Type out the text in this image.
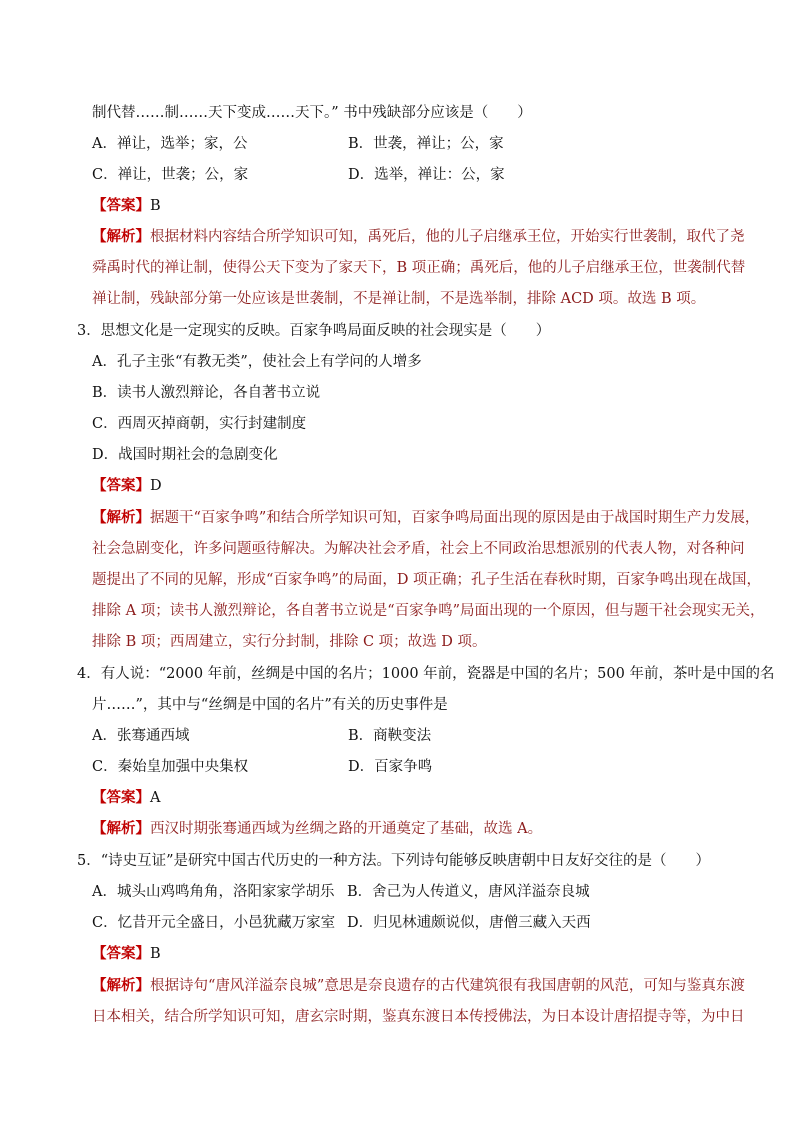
制代替……制……天下变成……天下。” 书中残缺部分应该是（　　）
A．禅让，选举；家，公	B．世袭，禅让；公，家
C．禅让，世袭；公，家	D．选举，禅让：公，家
【答案】B
【解析】根据材料内容结合所学知识可知，禹死后，他的儿子启继承王位，开始实行世袭制，取代了尧
舜禹时代的禅让制，使得公天下变为了家天下，B 项正确；禹死后，他的儿子启继承王位，世袭制代替
禅让制，残缺部分第一处应该是世袭制，不是禅让制，不是选举制，排除 ACD 项。故选 B 项。
3．思想文化是一定现实的反映。百家争鸣局面反映的社会现实是（　　）
A．孔子主张“有教无类”，使社会上有学问的人增多
B．读书人激烈辩论，各自著书立说
C．西周灭掉商朝，实行封建制度
D．战国时期社会的急剧变化
【答案】D
【解析】据题干“百家争鸣”和结合所学知识可知，百家争鸣局面出现的原因是由于战国时期生产力发展，
社会急剧变化，许多问题亟待解决。为解决社会矛盾，社会上不同政治思想派别的代表人物，对各种问
题提出了不同的见解，形成“百家争鸣”的局面，D 项正确；孔子生活在春秋时期，百家争鸣出现在战国，
排除 A 项；读书人激烈辩论，各自著书立说是“百家争鸣”局面出现的一个原因，但与题干社会现实无关，
排除 B 项；西周建立，实行分封制，排除 C 项；故选 D 项。
4．有人说：“2000 年前，丝绸是中国的名片；1000 年前，瓷器是中国的名片；500 年前，茶叶是中国的名
片……”，其中与“丝绸是中国的名片”有关的历史事件是
A．张骞通西域	B．商鞅变法
C．秦始皇加强中央集权	D．百家争鸣
【答案】A
【解析】西汉时期张骞通西域为丝绸之路的开通奠定了基础，故选 A。
5．“诗史互证”是研究中国古代历史的一种方法。下列诗句能够反映唐朝中日友好交往的是（　　）
A．城头山鸡鸣角角，洛阳家家学胡乐 B．舍己为人传道义，唐风洋溢奈良城
C．忆昔开元全盛日，小邑犹藏万家室 D．归见林逋颇说似，唐僧三藏入天西
【答案】B
【解析】根据诗句“唐风洋溢奈良城”意思是奈良遗存的古代建筑很有我国唐朝的风范，可知与鉴真东渡
日本相关，结合所学知识可知，唐玄宗时期，鉴真东渡日本传授佛法，为日本设计唐招提寺等，为中日
